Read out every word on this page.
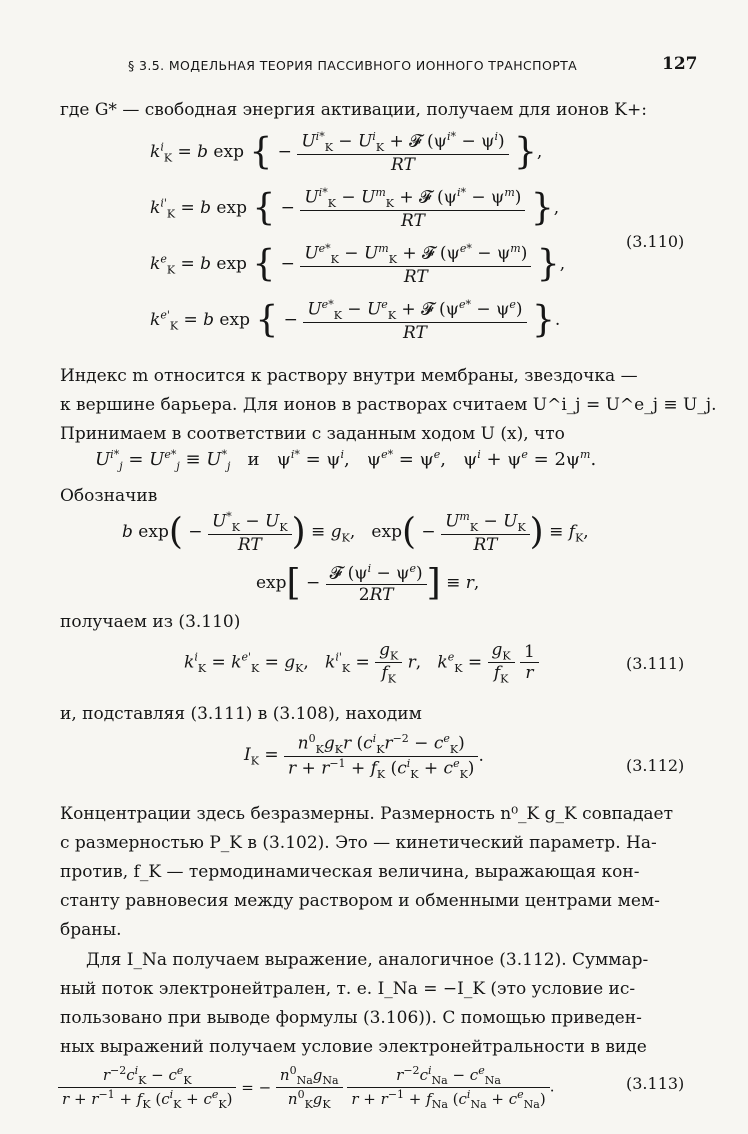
§ 3.5. МОДЕЛЬНАЯ ТЕОРИЯ ПАССИВНОГО ИОННОГО ТРАНСПОРТА	127
где G* — свободная энергия активации, получаем для ионов K+:
$k^i_K = b$ exp { − $\frac{U^{i*}_K - U^i_K + 𝓕 (\psi^{i*} - \psi^i)}{RT}$ },
$k^{i'}_K = b$ exp { − $\frac{U^{i*}_K - U^m_K + 𝓕 (\psi^{i*} - \psi^m)}{RT}$ },
$k^e_K = b$ exp { − $\frac{U^{e*}_K - U^m_K + 𝓕 (\psi^{e*} - \psi^m)}{RT}$ },
$k^{e'}_K = b$ exp { − $\frac{U^{e*}_K - U^e_K + 𝓕 (\psi^{e*} - \psi^e)}{RT}$ }.
(3.110)
Индекс m относится к раствору внутри мембраны, звездочка —
к вершине барьера. Для ионов в растворах считаем U^i_j = U^e_j ≡ U_j.
Принимаем в соответствии с заданным ходом U (x), что
$U^{i*}_j = U^{e*}_j \equiv U^*_j$   и   $\psi^{i*} = \psi^i$,   $\psi^{e*} = \psi^e$,   $\psi^i + \psi^e = 2\psi^m$.
Обозначив
b $\exp( - \frac{U^*_K - U_K}{RT}$ ) ≡ $g_K$,   $\exp( - \frac{U^m_K - U_K}{RT}$ ) ≡ $f_K$,
$\exp[ - \frac{𝓕 (\psi^i - \psi^e)}{2RT}$ ] ≡ r,
получаем из (3.110)
$k^i_K = k^{e'}_K = g_K$,   $k^{i'}_K = \frac{g_K}{f_K} r$,   $k^e_K = \frac{g_K}{f_K}$
$\frac{1}{r}$	(3.111)
и, подставляя (3.111) в (3.108), находим
$I_K = \frac{n^0_Kg_Kr (c^i_Kr^{-2} - c^e_K)}{r + r^{-1} + f_K (c^i_K + c^e_K)}$ .	(3.112)
Концентрации здесь безразмерны. Размерность n⁰_K g_K совпадает
с размерностью P_K в (3.102). Это — кинетический параметр. На-
против, f_K — термодинамическая величина, выражающая кон-
станту равновесия между раствором и обменными центрами мем-
браны.
Для I_Na получаем выражение, аналогичное (3.112). Суммар-
ный поток электронейтрален, т. е. I_Na = −I_K (это условие ис-
пользовано при выводе формулы (3.106)). С помощью приведен-
ных выражений получаем условие электронейтральности в виде
$\frac{r^{-2}c^i_K - c^e_K}{r + r^{-1} + f_K (c^i_K + c^e_K)}$ = − $\frac{n^0_{Na}g_{Na}}{n^0_Kg_K}$
$\frac{r^{-2}c^i_{Na} - c^e_{Na}}{r + r^{-1} + f_{Na} (c^i_{Na} + c^e_{Na})}$ .	(3.113)
